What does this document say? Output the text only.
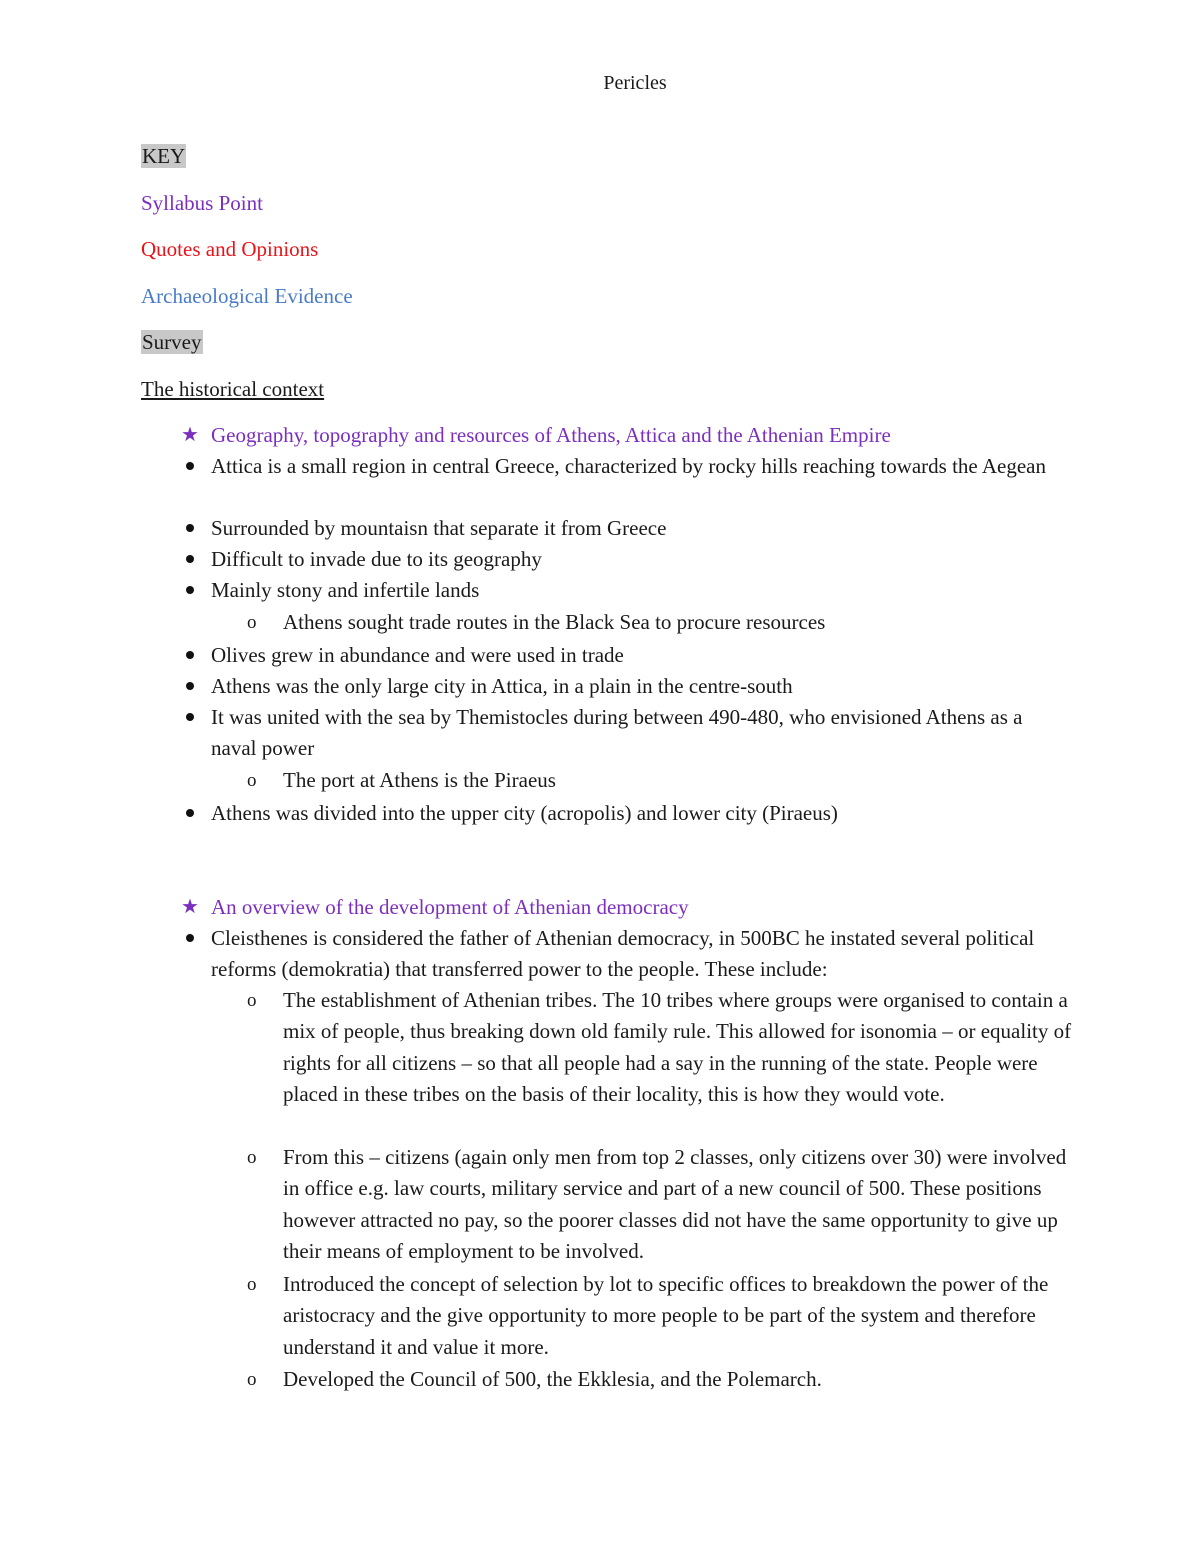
Pericles
KEY
Syllabus Point
Quotes and Opinions
Archaeological Evidence
Survey
The historical context
★ Geography, topography and resources of Athens, Attica and the Athenian Empire
Attica is a small region in central Greece, characterized by rocky hills reaching towards the Aegean
Surrounded by mountaisn that separate it from Greece
Difficult to invade due to its geography
Mainly stony and infertile lands
o	Athens sought trade routes in the Black Sea to procure resources
Olives grew in abundance and were used in trade
Athens was the only large city in Attica, in a plain in the centre-south
It was united with the sea by Themistocles during between 490-480, who envisioned Athens as a naval power
o	The port at Athens is the Piraeus
Athens was divided into the upper city (acropolis) and lower city (Piraeus)
★ An overview of the development of Athenian democracy
Cleisthenes is considered the father of Athenian democracy, in 500BC he instated several political reforms (demokratia) that transferred power to the people. These include:
o	The establishment of Athenian tribes. The 10 tribes where groups were organised to contain a mix of people, thus breaking down old family rule. This allowed for isonomia – or equality of rights for all citizens – so that all people had a say in the running of the state. People were placed in these tribes on the basis of their locality, this is how they would vote.
o	From this – citizens (again only men from top 2 classes, only citizens over 30) were involved in office e.g. law courts, military service and part of a new council of 500. These positions however attracted no pay, so the poorer classes did not have the same opportunity to give up their means of employment to be involved.
o	Introduced the concept of selection by lot to specific offices to breakdown the power of the aristocracy and the give opportunity to more people to be part of the system and therefore understand it and value it more.
o	Developed the Council of 500, the Ekklesia, and the Polemarch.
